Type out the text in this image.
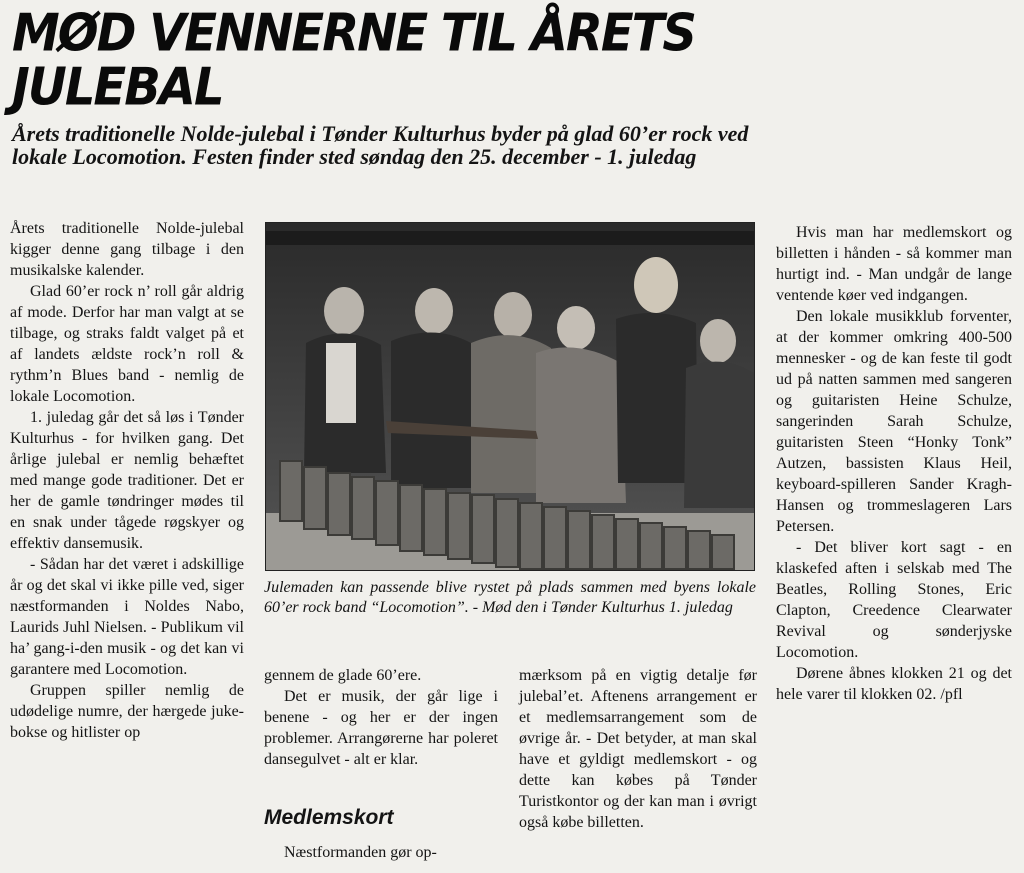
MØD VENNERNE TIL ÅRETS JULEBAL
Årets traditionelle Nolde-julebal i Tønder Kulturhus byder på glad 60’er rock ved lokale Locomotion. Festen finder sted søndag den 25. december - 1. juledag

Årets traditionelle Nolde-julebal kigger denne gang tilbage i den musikalske kalender.

Glad 60’er rock n’ roll går aldrig af mode. Derfor har man valgt at se tilbage, og straks faldt valget på et af landets ældste rock’n roll & rythm’n Blues band - nemlig de lokale Locomotion.

1. juledag går det så løs i Tønder Kulturhus - for hvilken gang. Det årlige julebal er nemlig behæftet med mange gode traditioner. Det er her de gamle tøndringer mødes til en snak under tågede røgskyer og effektiv dansemusik.

- Sådan har det været i adskillige år og det skal vi ikke pille ved, siger næstformanden i Noldes Nabo, Laurids Juhl Nielsen. - Publikum vil ha’ gang-i-den musik - og det kan vi garantere med Locomotion.

Gruppen spiller nemlig de udødelige numre, der hærgede juke-bokse og hitlister op

Julemaden kan passende blive rystet på plads sammen med byens lokale 60’er rock band “Locomotion”. - Mød den i Tønder Kulturhus 1. juledag

gennem de glade 60’ere.

Det er musik, der går lige i benene - og her er der ingen problemer. Arrangørerne har poleret dansegulvet - alt er klar.

Medlemskort

Næstformanden gør op-

mærksom på en vigtig detalje før julebal’et. Aftenens arrangement er et medlemsarrangement som de øvrige år. - Det betyder, at man skal have et gyldigt medlemskort - og dette kan købes på Tønder Turistkontor og der kan man i øvrigt også købe billetten.

Hvis man har medlemskort og billetten i hånden - så kommer man hurtigt ind. - Man undgår de lange ventende køer ved indgangen.

Den lokale musikklub forventer, at der kommer omkring 400-500 mennesker - og de kan feste til godt ud på natten sammen med sangeren og guitaristen Heine Schulze, sangerinden Sarah Schulze, guitaristen Steen “Honky Tonk” Autzen, bassisten Klaus Heil, keyboard-spilleren Sander Kragh-Hansen og trommeslageren Lars Petersen.

- Det bliver kort sagt - en klaskefed aften i selskab med The Beatles, Rolling Stones, Eric Clapton, Creedence Clearwater Revival og sønderjyske Locomotion.

Dørene åbnes klokken 21 og det hele varer til klokken 02. /pfl
